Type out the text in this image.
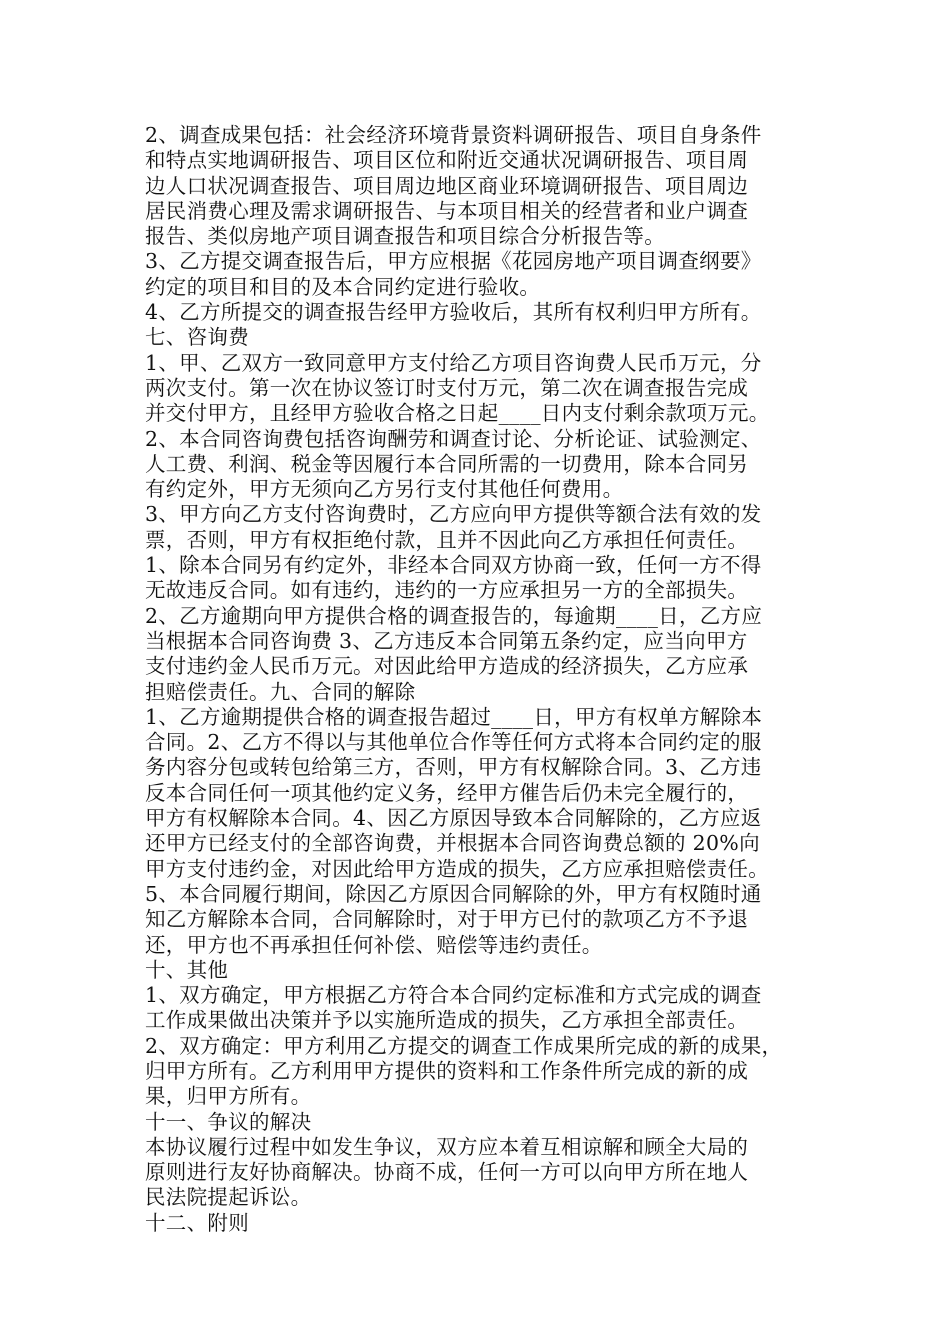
2、调查成果包括：社会经济环境背景资料调研报告、项目自身条件
和特点实地调研报告、项目区位和附近交通状况调研报告、项目周
边人口状况调查报告、项目周边地区商业环境调研报告、项目周边
居民消费心理及需求调研报告、与本项目相关的经营者和业户调查
报告、类似房地产项目调查报告和项目综合分析报告等。
3、乙方提交调查报告后，甲方应根据《花园房地产项目调查纲要》
约定的项目和目的及本合同约定进行验收。
4、乙方所提交的调查报告经甲方验收后，其所有权利归甲方所有。
七、咨询费
1、甲、乙双方一致同意甲方支付给乙方项目咨询费人民币万元，分
两次支付。第一次在协议签订时支付万元，第二次在调查报告完成
并交付甲方，且经甲方验收合格之日起____日内支付剩余款项万元。
2、本合同咨询费包括咨询酬劳和调查讨论、分析论证、试验测定、
人工费、利润、税金等因履行本合同所需的一切费用，除本合同另
有约定外，甲方无须向乙方另行支付其他任何费用。
3、甲方向乙方支付咨询费时，乙方应向甲方提供等额合法有效的发
票，否则，甲方有权拒绝付款，且并不因此向乙方承担任何责任。
1、除本合同另有约定外，非经本合同双方协商一致，任何一方不得
无故违反合同。如有违约，违约的一方应承担另一方的全部损失。
2、乙方逾期向甲方提供合格的调查报告的，每逾期____日，乙方应
当根据本合同咨询费 3、乙方违反本合同第五条约定，应当向甲方
支付违约金人民币万元。对因此给甲方造成的经济损失，乙方应承
担赔偿责任。九、合同的解除
1、乙方逾期提供合格的调查报告超过____日，甲方有权单方解除本
合同。2、乙方不得以与其他单位合作等任何方式将本合同约定的服
务内容分包或转包给第三方，否则，甲方有权解除合同。3、乙方违
反本合同任何一项其他约定义务，经甲方催告后仍未完全履行的，
甲方有权解除本合同。4、因乙方原因导致本合同解除的，乙方应返
还甲方已经支付的全部咨询费，并根据本合同咨询费总额的 20%向
甲方支付违约金，对因此给甲方造成的损失，乙方应承担赔偿责任。
5、本合同履行期间，除因乙方原因合同解除的外，甲方有权随时通
知乙方解除本合同，合同解除时，对于甲方已付的款项乙方不予退
还，甲方也不再承担任何补偿、赔偿等违约责任。
十、其他
1、双方确定，甲方根据乙方符合本合同约定标准和方式完成的调查
工作成果做出决策并予以实施所造成的损失，乙方承担全部责任。
2、双方确定：甲方利用乙方提交的调查工作成果所完成的新的成果，
归甲方所有。乙方利用甲方提供的资料和工作条件所完成的新的成
果，归甲方所有。
十一、争议的解决
本协议履行过程中如发生争议，双方应本着互相谅解和顾全大局的
原则进行友好协商解决。协商不成，任何一方可以向甲方所在地人
民法院提起诉讼。
十二、附则
